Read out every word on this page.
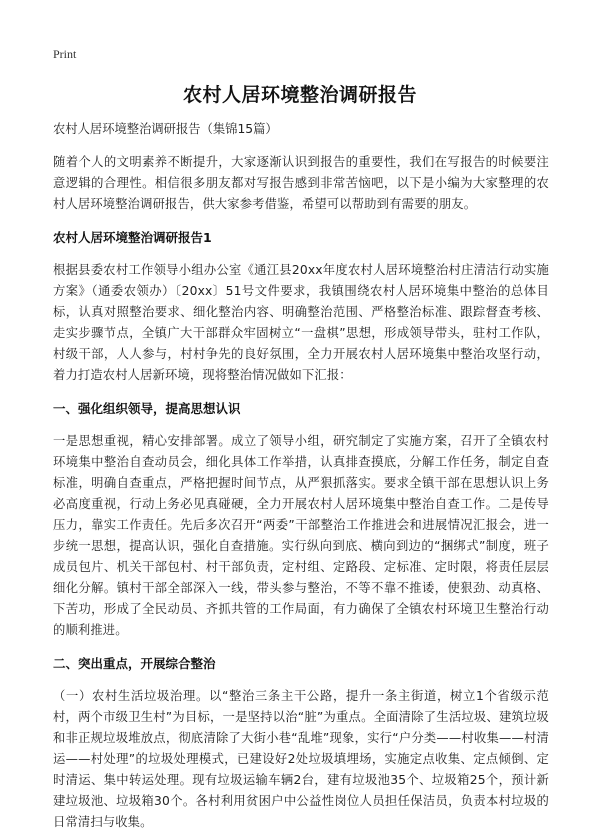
Print
农村人居环境整治调研报告

农村人居环境整治调研报告（集锦15篇）

随着个人的文明素养不断提升，大家逐渐认识到报告的重要性，我们在写报告的时候要注意逻辑的合理性。相信很多朋友都对写报告感到非常苦恼吧，以下是小编为大家整理的农村人居环境整治调研报告，供大家参考借鉴，希望可以帮助到有需要的朋友。

农村人居环境整治调研报告1

根据县委农村工作领导小组办公室《通江县20xx年度农村人居环境整治村庄清洁行动实施方案》（通委农领办）〔20xx〕51号文件要求，我镇围绕农村人居环境集中整治的总体目标，认真对照整治要求、细化整治内容、明确整治范围、严格整治标准、跟踪督查考核、走实步骤节点，全镇广大干部群众牢固树立“一盘棋”思想，形成领导带头，驻村工作队，村级干部，人人参与，村村争先的良好氛围，全力开展农村人居环境集中整治攻坚行动，着力打造农村人居新环境，现将整治情况做如下汇报：

一、强化组织领导，提高思想认识

一是思想重视，精心安排部署。成立了领导小组，研究制定了实施方案，召开了全镇农村环境集中整治自查动员会，细化具体工作举措，认真排查摸底，分解工作任务，制定自查标准，明确自查重点，严格把握时间节点，从严狠抓落实。要求全镇干部在思想认识上务必高度重视，行动上务必见真碰硬，全力开展农村人居环境集中整治自查工作。二是传导压力，靠实工作责任。先后多次召开“两委”干部整治工作推进会和进展情况汇报会，进一步统一思想，提高认识，强化自查措施。实行纵向到底、横向到边的“捆绑式”制度，班子成员包片、机关干部包村、村干部负责，定村组、定路段、定标准、定时限，将责任层层细化分解。镇村干部全部深入一线，带头参与整治，不等不靠不推诿，使狠劲、动真格、下苦功，形成了全民动员、齐抓共管的工作局面，有力确保了全镇农村环境卫生整治行动的顺利推进。

二、突出重点，开展综合整治

（一）农村生活垃圾治理。以“整治三条主干公路，提升一条主街道，树立1个省级示范村，两个市级卫生村”为目标，一是坚持以治“脏”为重点。全面清除了生活垃圾、建筑垃圾和非正规垃圾堆放点，彻底清除了大街小巷“乱堆”现象，实行“户分类——村收集——村清运——村处理”的垃圾处理模式，已建设好2处垃圾填埋场，实施定点收集、定点倾倒、定时清运、集中转运处理。现有垃圾运输车辆2台，建有垃圾池35个、垃圾箱25个，预计新建垃圾池、垃圾箱30个。各村利用贫困户中公益性岗位人员担任保洁员，负责本村垃圾的日常清扫与收集。
